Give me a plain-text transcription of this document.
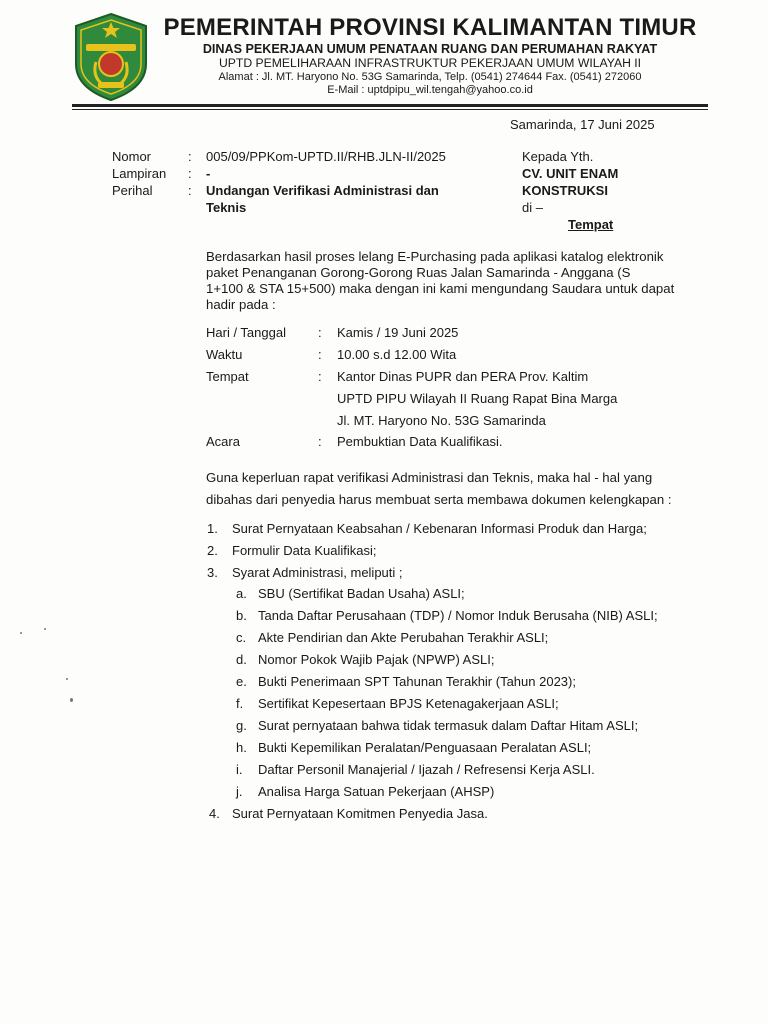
PEMERINTAH PROVINSI KALIMANTAN TIMUR
DINAS PEKERJAAN UMUM PENATAAN RUANG DAN PERUMAHAN RAKYAT
UPTD PEMELIHARAAN INFRASTRUKTUR PEKERJAAN UMUM WILAYAH II
Alamat : Jl. MT. Haryono No. 53G Samarinda, Telp. (0541) 274644 Fax. (0541) 272060
E-Mail : uptdpipu_wil.tengah@yahoo.co.id
Samarinda, 17 Juni 2025
Nomor	: 005/09/PPKom-UPTD.II/RHB.JLN-II/2025
Lampiran : -
Perihal	: Undangan Verifikasi Administrasi dan
Teknis
Kepada Yth.
CV. UNIT ENAM
KONSTRUKSI
di –
Tempat
Berdasarkan hasil proses lelang E-Purchasing pada aplikasi katalog elektronik
paket Penanganan Gorong-Gorong Ruas Jalan Samarinda - Anggana (S
1+100 & STA 15+500) maka dengan ini kami mengundang Saudara untuk dapat
hadir pada :
Hari / Tanggal : Kamis / 19 Juni 2025
Waktu	: 10.00 s.d 12.00 Wita
Tempat	: Kantor Dinas PUPR dan PERA Prov. Kaltim
UPTD PIPU Wilayah II Ruang Rapat Bina Marga
Jl. MT. Haryono No. 53G Samarinda
Acara	: Pembuktian Data Kualifikasi.
Guna keperluan rapat verifikasi Administrasi dan Teknis, maka hal - hal yang
dibahas dari penyedia harus membuat serta membawa dokumen kelengkapan :
1. Surat Pernyataan Keabsahan / Kebenaran Informasi Produk dan Harga;
2. Formulir Data Kualifikasi;
3. Syarat Administrasi, meliputi ;
a. SBU (Sertifikat Badan Usaha) ASLI;
b. Tanda Daftar Perusahaan (TDP) / Nomor Induk Berusaha (NIB) ASLI;
c. Akte Pendirian dan Akte Perubahan Terakhir ASLI;
d. Nomor Pokok Wajib Pajak (NPWP) ASLI;
e. Bukti Penerimaan SPT Tahunan Terakhir (Tahun 2023);
f. Sertifikat Kepesertaan BPJS Ketenagakerjaan ASLI;
g. Surat pernyataan bahwa tidak termasuk dalam Daftar Hitam ASLI;
h. Bukti Kepemilikan Peralatan/Penguasaan Peralatan ASLI;
i. Daftar Personil Manajerial / Ijazah / Refresensi Kerja ASLI.
j. Analisa Harga Satuan Pekerjaan (AHSP)
4. Surat Pernyataan Komitmen Penyedia Jasa.
